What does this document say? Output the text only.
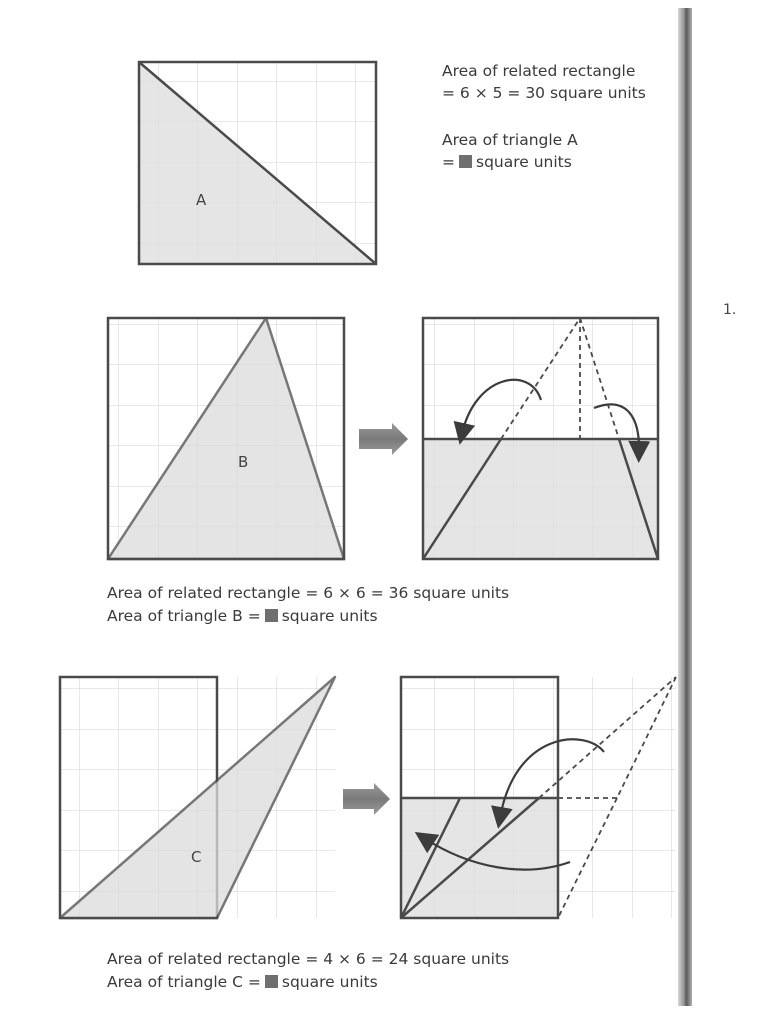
1.
A
Area of related rectangle
= 6 × 5 = 30 square units
Area of triangle A
= square units
B
Area of related rectangle = 6 × 6 = 36 square units
Area of triangle B = square units
C
Area of related rectangle = 4 × 6 = 24 square units
Area of triangle C = square units
